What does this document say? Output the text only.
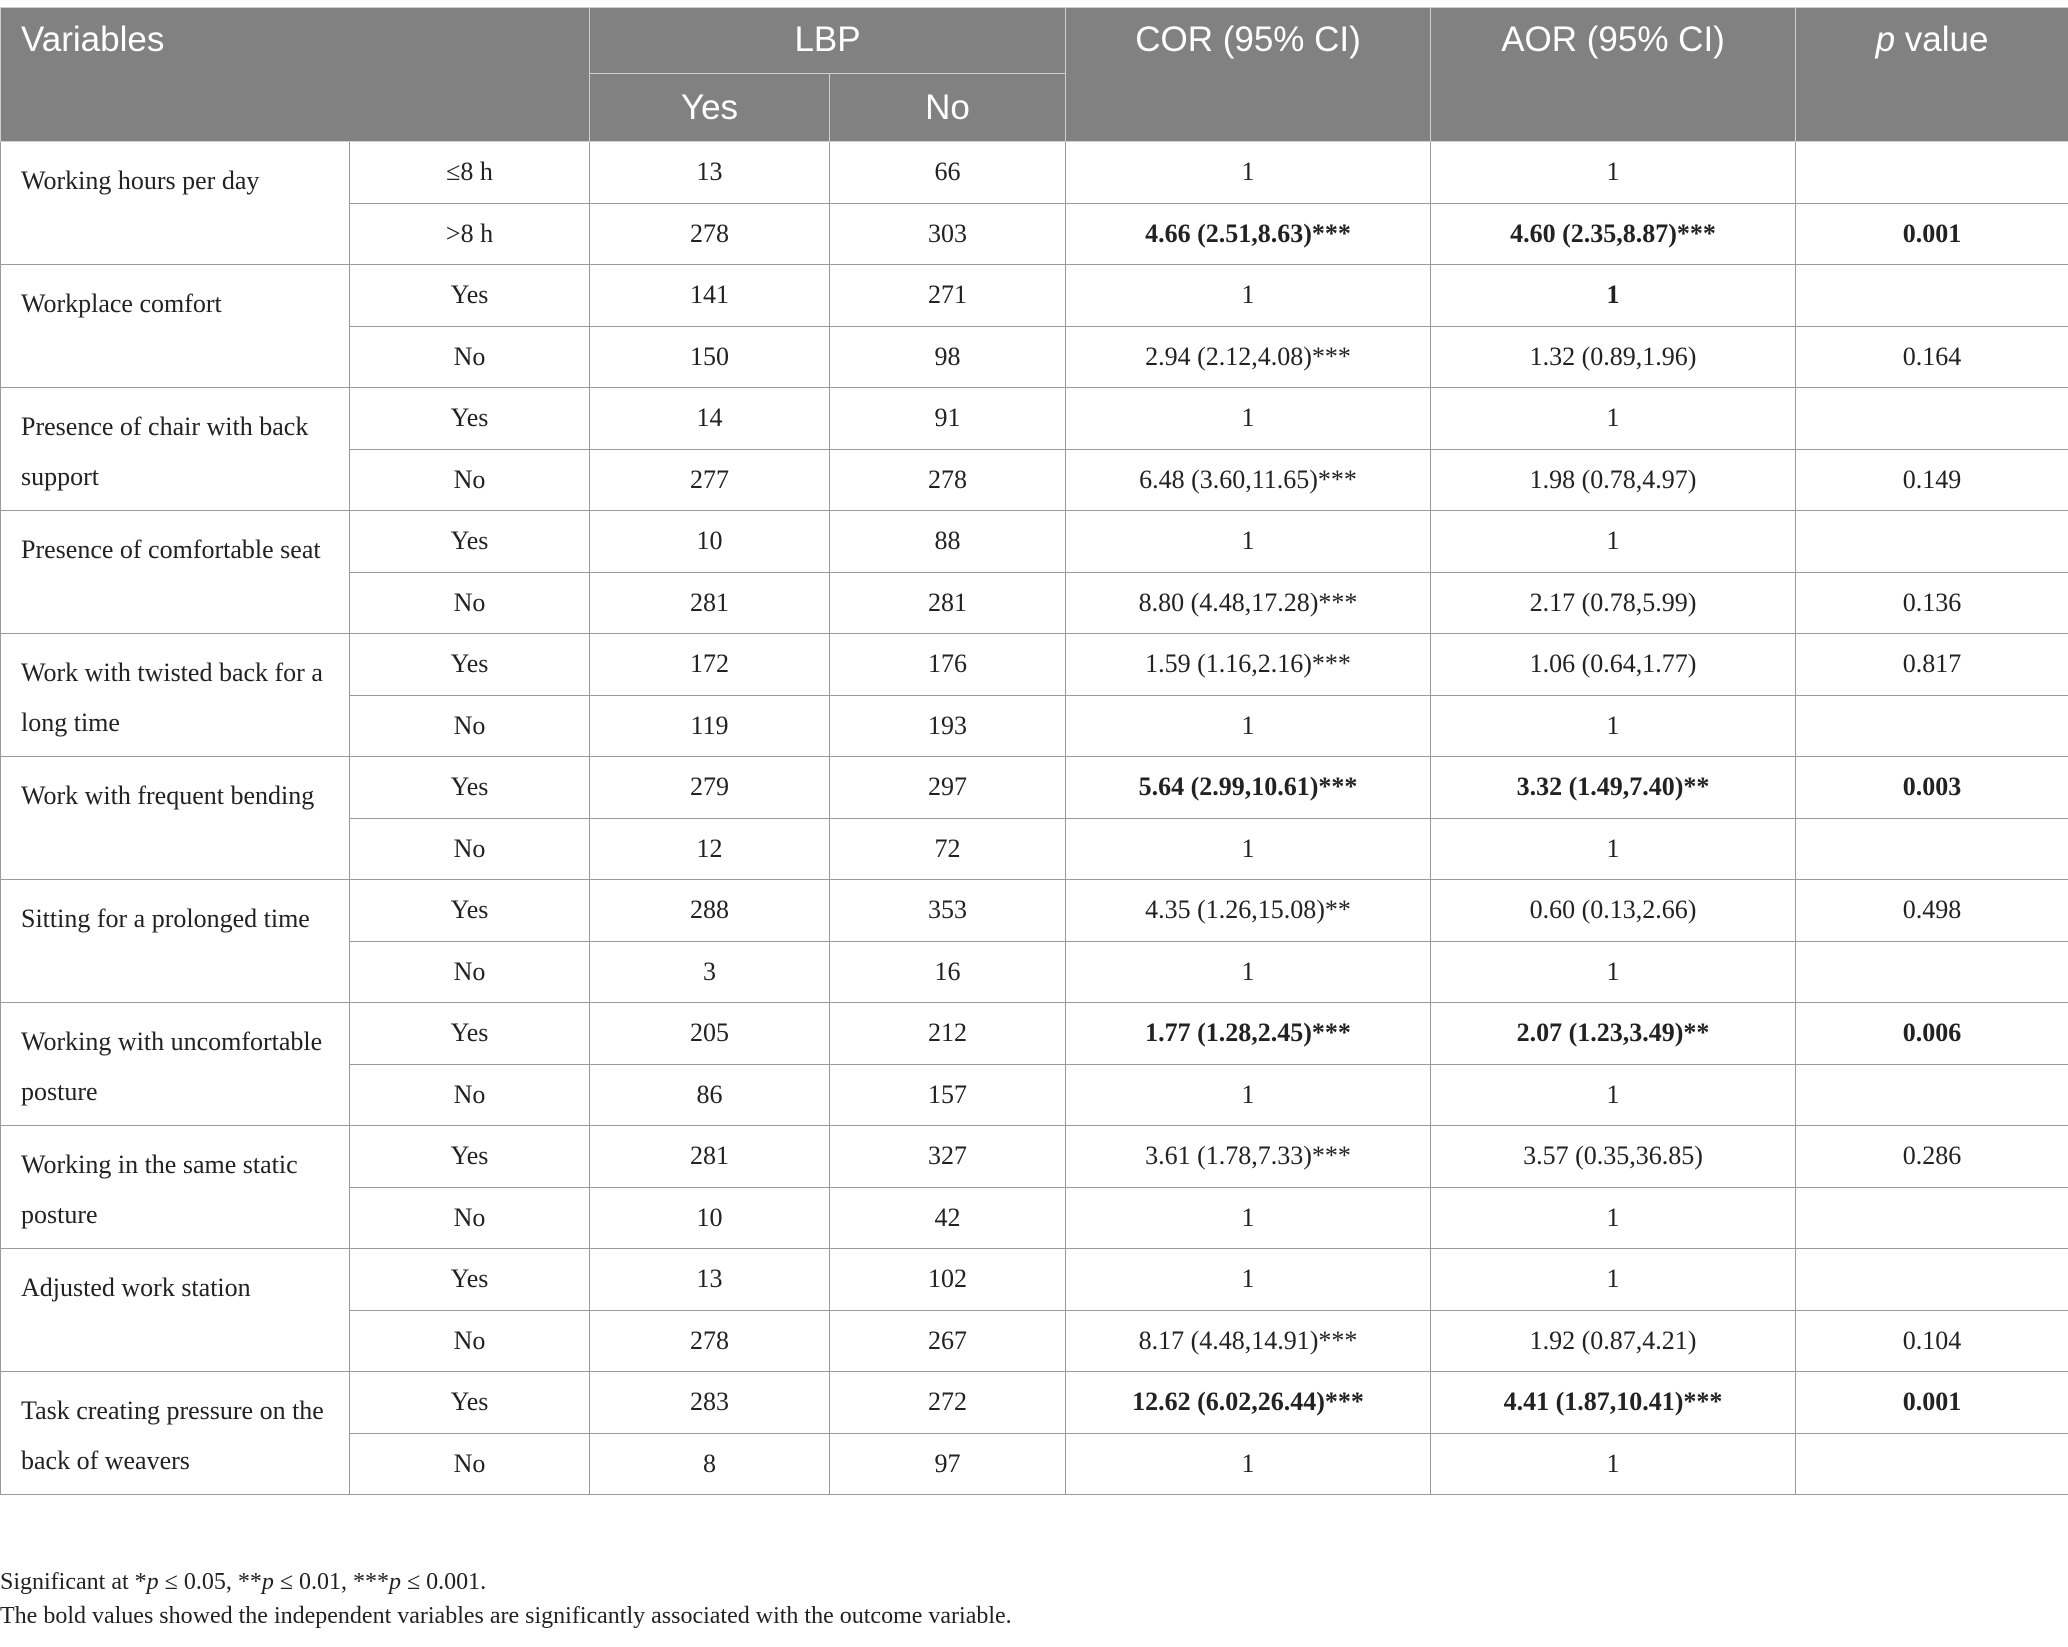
Variables		LBP		COR (95% CI)	AOR (95% CI)	p value
		Yes	No			
Working hours per day	≤8 h	13	66	1	1	
	˃8 h	278	303	4.66 (2.51,8.63)***	4.60 (2.35,8.87)***	0.001
Workplace comfort	Yes	141	271	1	1	
	No	150	98	2.94 (2.12,4.08)***	1.32 (0.89,1.96)	0.164
Presence of chair with back support	Yes	14	91	1	1	
	No	277	278	6.48 (3.60,11.65)***	1.98 (0.78,4.97)	0.149
Presence of comfortable seat	Yes	10	88	1	1	
	No	281	281	8.80 (4.48,17.28)***	2.17 (0.78,5.99)	0.136
Work with twisted back for a long time	Yes	172	176	1.59 (1.16,2.16)***	1.06 (0.64,1.77)	0.817
	No	119	193	1	1	
Work with frequent bending	Yes	279	297	5.64 (2.99,10.61)***	3.32 (1.49,7.40)**	0.003
	No	12	72	1	1	
Sitting for a prolonged time	Yes	288	353	4.35 (1.26,15.08)**	0.60 (0.13,2.66)	0.498
	No	3	16	1	1	
Working with uncomfortable posture	Yes	205	212	1.77 (1.28,2.45)***	2.07 (1.23,3.49)**	0.006
	No	86	157	1	1	
Working in the same static posture	Yes	281	327	3.61 (1.78,7.33)***	3.57 (0.35,36.85)	0.286
	No	10	42	1	1	
Adjusted work station	Yes	13	102	1	1	
	No	278	267	8.17 (4.48,14.91)***	1.92 (0.87,4.21)	0.104
Task creating pressure on the back of weavers	Yes	283	272	12.62 (6.02,26.44)***	4.41 (1.87,10.41)***	0.001
	No	8	97	1	1	
Significant at *p ≤ 0.05, **p ≤ 0.01, ***p ≤ 0.001.
The bold values showed the independent variables are significantly associated with the outcome variable.
